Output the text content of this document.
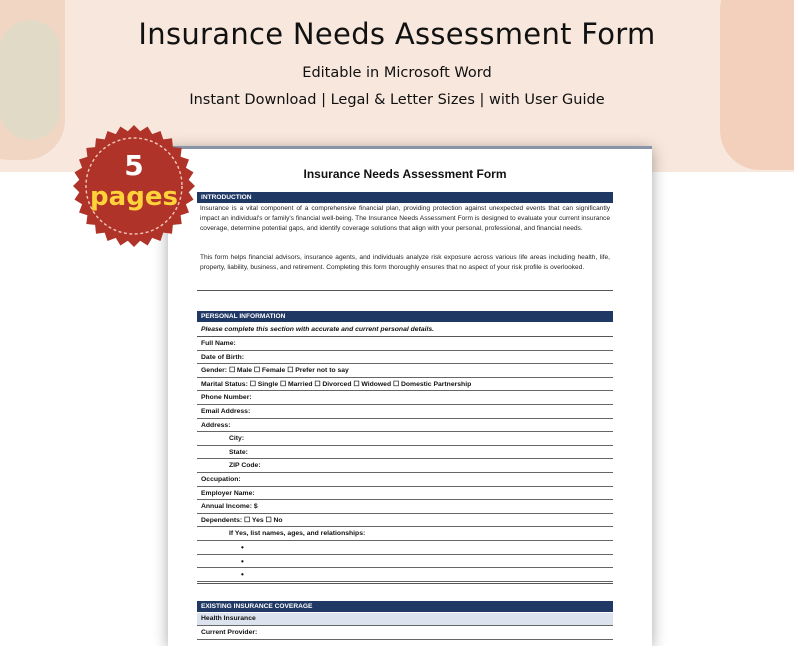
Insurance Needs Assessment Form
Editable in Microsoft Word
Instant Download | Legal & Letter Sizes | with User Guide
Insurance Needs Assessment Form
INTRODUCTION
Insurance is a vital component of a comprehensive financial plan, providing protection against unexpected events that can significantly impact an individual's or family's financial well-being. The Insurance Needs Assessment Form is designed to evaluate your current insurance coverage, determine potential gaps, and identify coverage solutions that align with your personal, professional, and financial needs.
This form helps financial advisors, insurance agents, and individuals analyze risk exposure across various life areas including health, life, property, liability, business, and retirement. Completing this form thoroughly ensures that no aspect of your risk profile is overlooked.
PERSONAL INFORMATION
Please complete this section with accurate and current personal details.
Full Name:
Date of Birth:
Gender: ☐ Male ☐ Female ☐ Prefer not to say
Marital Status: ☐ Single ☐ Married ☐ Divorced ☐ Widowed ☐ Domestic Partnership
Phone Number:
Email Address:
Address:
City:
State:
ZIP Code:
Occupation:
Employer Name:
Annual Income: $
Dependents: ☐ Yes ☐ No
If Yes, list names, ages, and relationships:
•
•
•
EXISTING INSURANCE COVERAGE
Health Insurance
Current Provider:
5
pages
